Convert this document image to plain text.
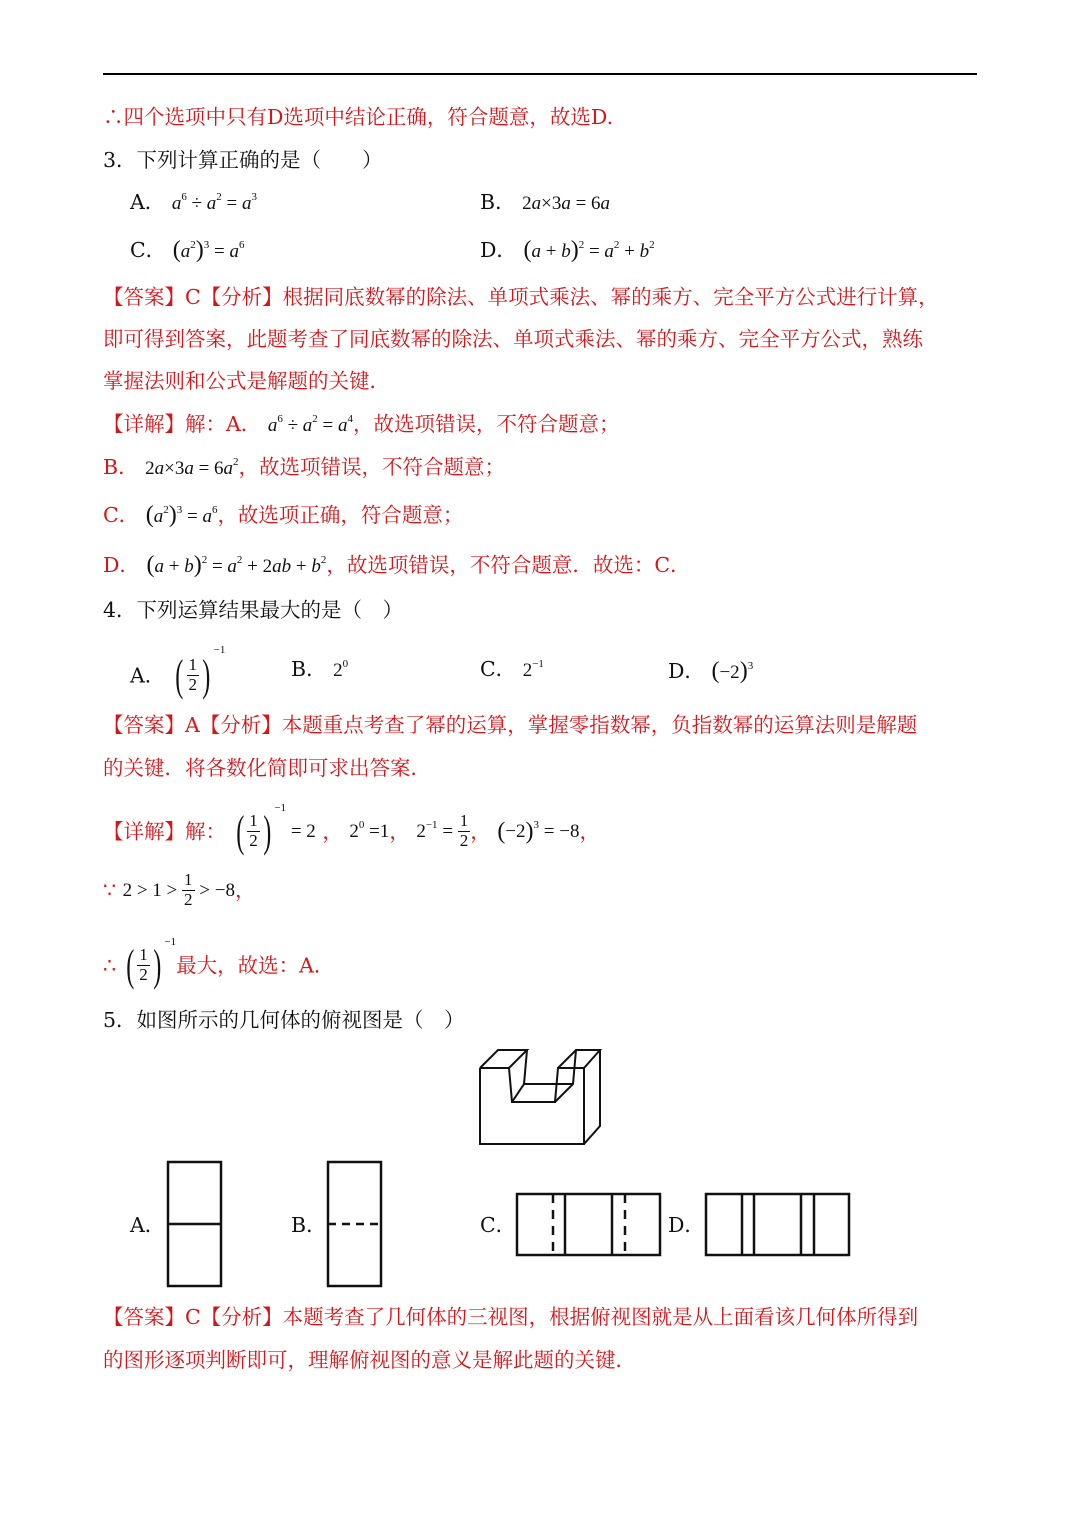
∴四个选项中只有D选项中结论正确，符合题意，故选D.
3．下列计算正确的是（　　）
A． $a^6 \div a^2 = a^3$	B． 2a×3a = 6a
C． $(a^2)^3 = a^6$	D． $(a + b)^2 = a^2 + b^2$
【答案】C【分析】根据同底数幂的除法、单项式乘法、幂的乘方、完全平方公式进行计算，
即可得到答案，此题考查了同底数幂的除法、单项式乘法、幂的乘方、完全平方公式，熟练
掌握法则和公式是解题的关键．
【详解】解：A． $a^6 \div a^2 = a^4$，故选项错误，不符合题意；
B． $2a\times 3a = 6a^2$，故选项错误，不符合题意；
C． $(a^2)^3 = a^6$，故选项正确，符合题意；
D． $(a + b)^2 = a^2 + 2ab + b^2$，故选项错误，不符合题意．故选：C．
4．下列运算结果最大的是（　）
A． ( $\frac{1}{2} )^{-1}$
B． $2^0$	C． $2^{-1}$	D． $(-2)^3$
【答案】A【分析】本题重点考查了幂的运算，掌握零指数幂，负指数幂的运算法则是解题
的关键．将各数化简即可求出答案．
【详解】解： ( $\frac{1}{2}$ ) $^{-1}$ = 2 ， $2^0 =1$， $2^{-1} = \frac{1}{2}$ ， $(-2)^3 = -8$，
∵ $2 > 1 > \frac{1}{2} > -8$，
∴ ( $\frac{1}{2}$ ) $^{-1}$最大，故选：A．
5．如图所示的几何体的俯视图是（　）
A．	B．	C．	D．
【答案】C【分析】本题考查了几何体的三视图，根据俯视图就是从上面看该几何体所得到
的图形逐项判断即可，理解俯视图的意义是解此题的关键．
